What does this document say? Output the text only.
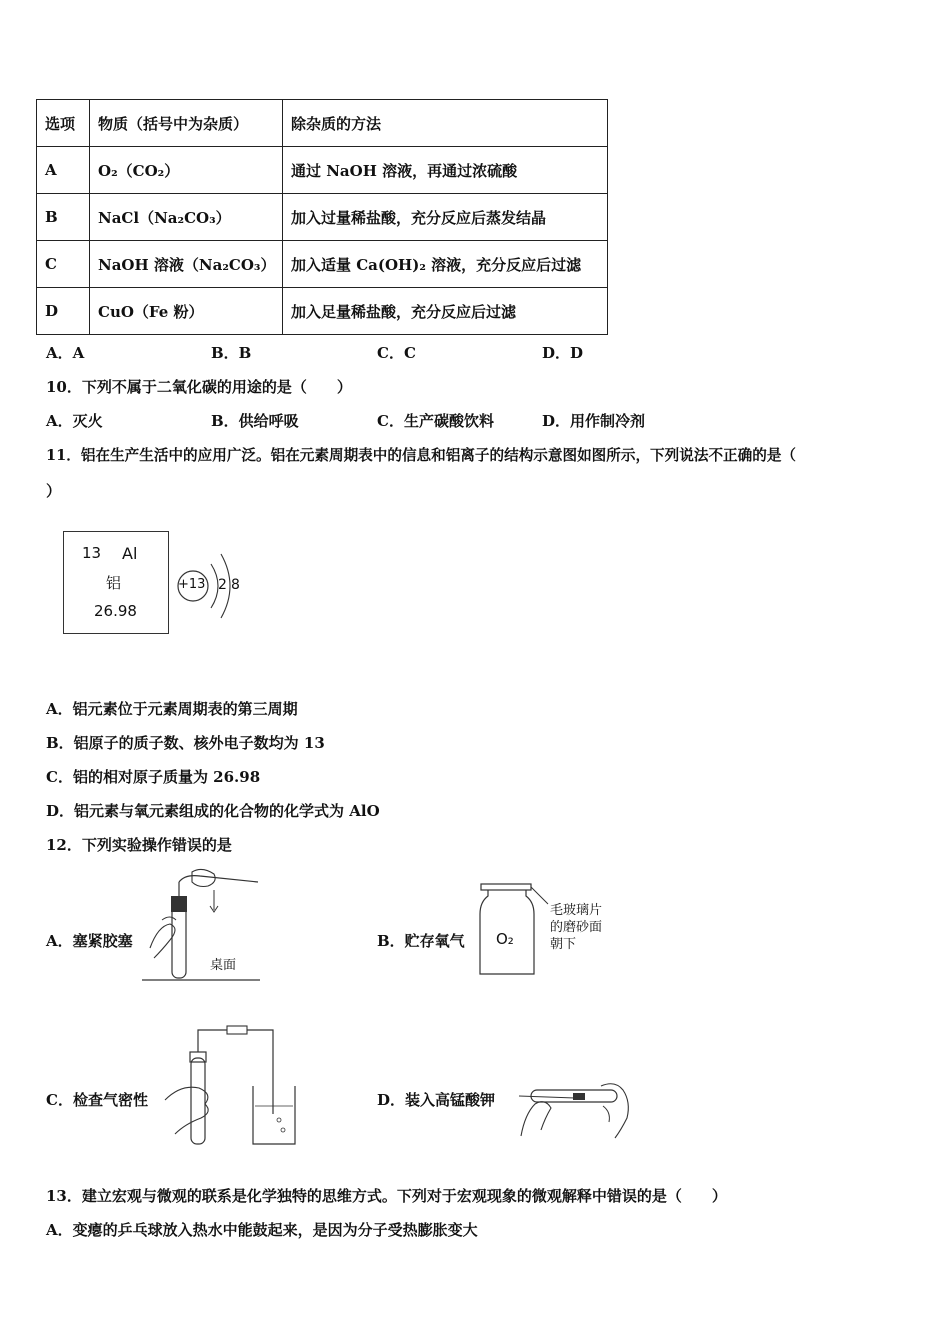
选项	物质（括号中为杂质）	除杂质的方法
A	O₂（CO₂）	通过 NaOH 溶液，再通过浓硫酸
B	NaCl（Na₂CO₃）	加入过量稀盐酸，充分反应后蒸发结晶
C	NaOH 溶液（Na₂CO₃）	加入适量 Ca(OH)₂ 溶液，充分反应后过滤
D	CuO（Fe 粉）	加入足量稀盐酸，充分反应后过滤
A．A	B．B	C．C	D．D
10．下列不属于二氧化碳的用途的是（　　）
A．灭火	B．供给呼吸	C．生产碳酸饮料	D．用作制冷剂
11．铝在生产生活中的应用广泛。铝在元素周期表中的信息和铝离子的结构示意图如图所示，下列说法不正确的是（
）
13 Al
铝
26.98
+13 2 8
A．铝元素位于元素周期表的第三周期
B．铝原子的质子数、核外电子数均为 13
C．铝的相对原子质量为 26.98
D．铝元素与氧元素组成的化合物的化学式为 AlO
12．下列实验操作错误的是
A．塞紧胶塞
桌面
B．贮存氧气 O₂
毛玻璃片
的磨砂面
朝下
C．检查气密性	D．装入高锰酸钾
13．建立宏观与微观的联系是化学独特的思维方式。下列对于宏观现象的微观解释中错误的是（　　）
A．变瘪的乒乓球放入热水中能鼓起来，是因为分子受热膨胀变大
